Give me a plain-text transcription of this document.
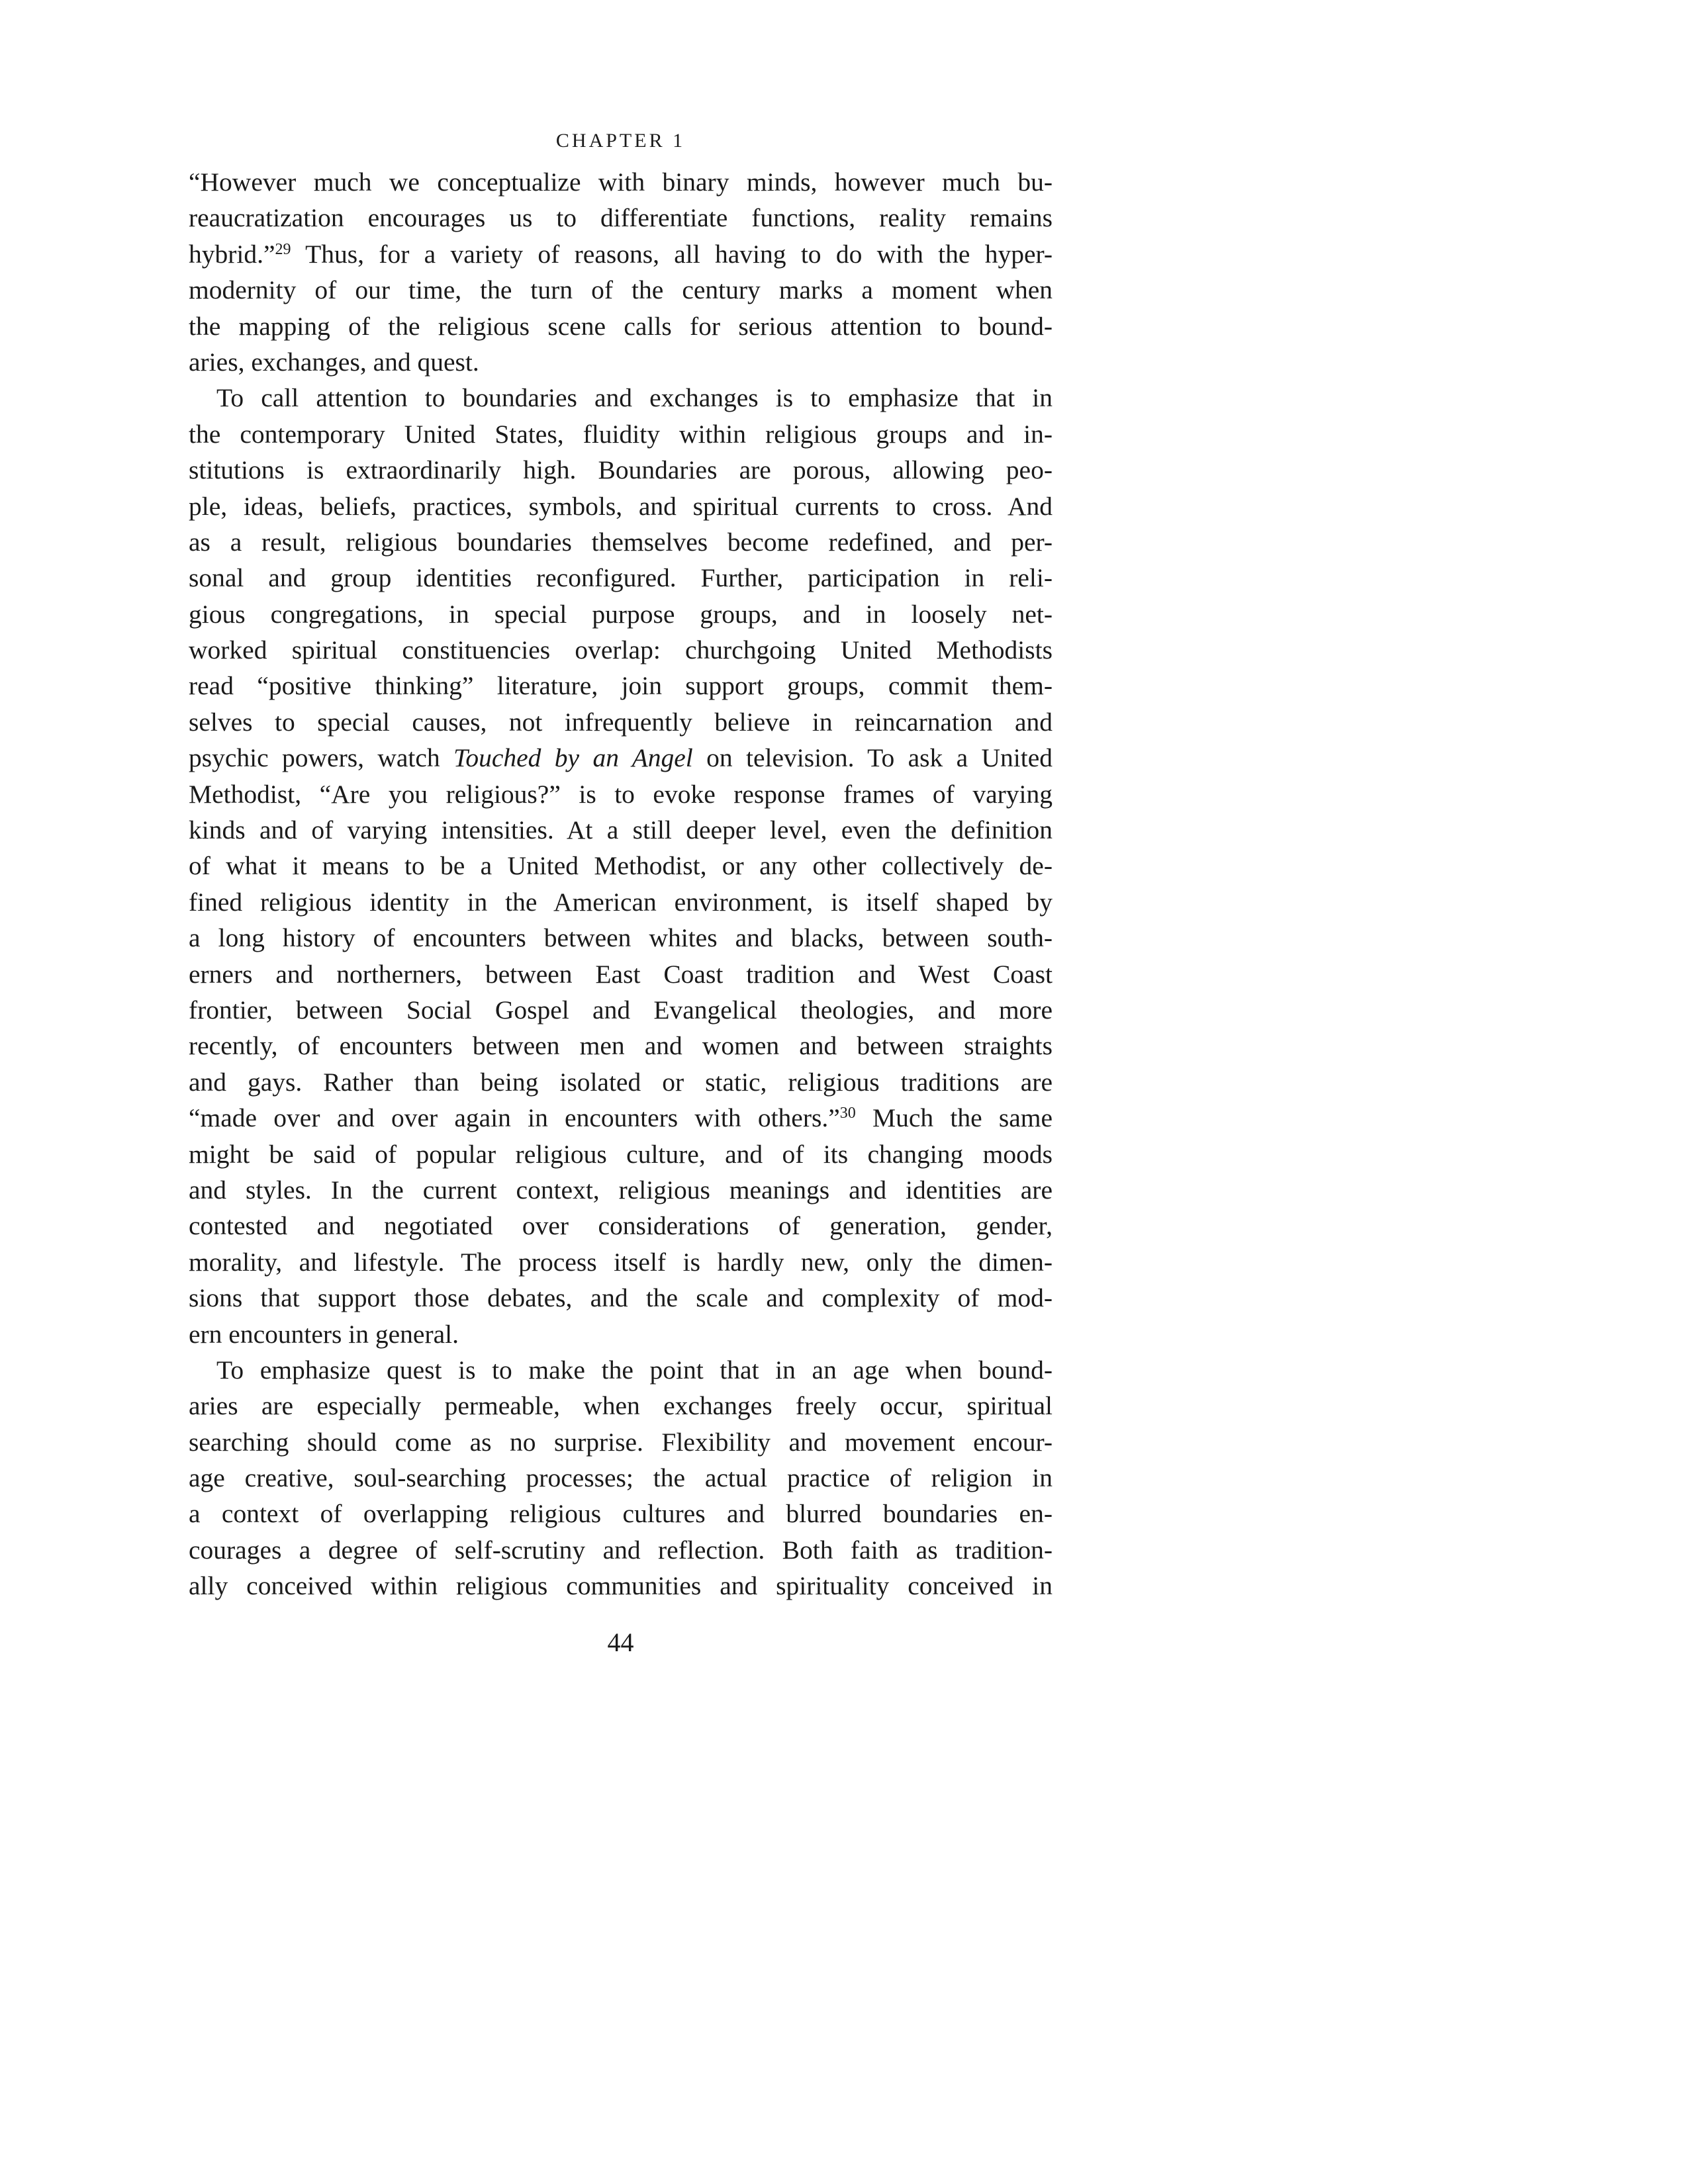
CHAPTER 1
“However much we conceptualize with binary minds, however much bu-
reaucratization encourages us to differentiate functions, reality remains
hybrid.”$^{29}$ Thus, for a variety of reasons, all having to do with the hyper-
modernity of our time, the turn of the century marks a moment when
the mapping of the religious scene calls for serious attention to bound-
aries, exchanges, and quest.
To call attention to boundaries and exchanges is to emphasize that in
the contemporary United States, fluidity within religious groups and in-
stitutions is extraordinarily high. Boundaries are porous, allowing peo-
ple, ideas, beliefs, practices, symbols, and spiritual currents to cross. And
as a result, religious boundaries themselves become redefined, and per-
sonal and group identities reconfigured. Further, participation in reli-
gious congregations, in special purpose groups, and in loosely net-
worked spiritual constituencies overlap: churchgoing United Methodists
read “positive thinking” literature, join support groups, commit them-
selves to special causes, not infrequently believe in reincarnation and
psychic powers, watch Touched by an Angel on television. To ask a United
Methodist, “Are you religious?” is to evoke response frames of varying
kinds and of varying intensities. At a still deeper level, even the definition
of what it means to be a United Methodist, or any other collectively de-
fined religious identity in the American environment, is itself shaped by
a long history of encounters between whites and blacks, between south-
erners and northerners, between East Coast tradition and West Coast
frontier, between Social Gospel and Evangelical theologies, and more
recently, of encounters between men and women and between straights
and gays. Rather than being isolated or static, religious traditions are
“made over and over again in encounters with others.”$^{30}$ Much the same
might be said of popular religious culture, and of its changing moods
and styles. In the current context, religious meanings and identities are
contested and negotiated over considerations of generation, gender,
morality, and lifestyle. The process itself is hardly new, only the dimen-
sions that support those debates, and the scale and complexity of mod-
ern encounters in general.
To emphasize quest is to make the point that in an age when bound-
aries are especially permeable, when exchanges freely occur, spiritual
searching should come as no surprise. Flexibility and movement encour-
age creative, soul-searching processes; the actual practice of religion in
a context of overlapping religious cultures and blurred boundaries en-
courages a degree of self-scrutiny and reflection. Both faith as tradition-
ally conceived within religious communities and spirituality conceived in
44
